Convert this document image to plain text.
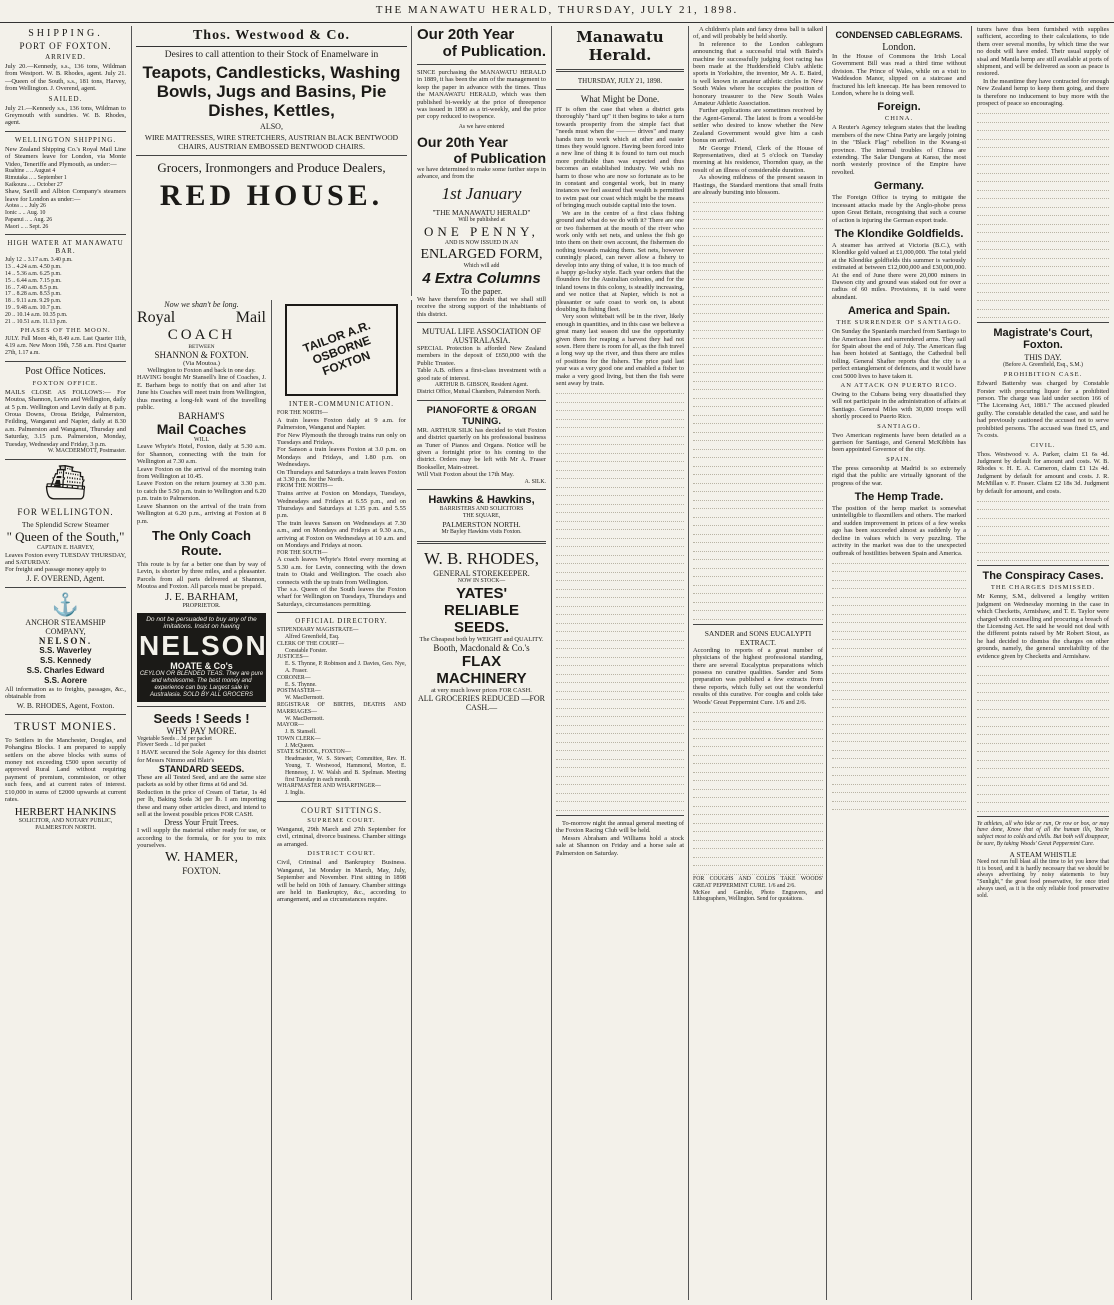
THE MANAWATU HERALD, THURSDAY, JULY 21, 1898.
SHIPPING.
PORT OF FOXTON.
ARRIVED.
July 20.—Kennedy, s.s., 136 tons, Wildman from Westport. W. B. Rhodes, agent. July 21.—Queen of the South, s.s., 181 tons, Harvey, from Wellington. J. Overend, agent.
SAILED.
July 21.—Kennedy s.s., 136 tons, Wildman to Greymouth with sundries. W. B. Rhodes, agent.
WELLINGTON SHIPPING.
New Zealand Shipping Co.'s Royal Mail Line of Steamers leave for London, via Monte Video, Teneriffe and Plymouth, as under:—
Ruahine .. .. August 4
Rimutaka .. .. September 1
Kaikoura .. .. October 27
Shaw, Savill and Albion Company's steamers leave for London as under:—
Aotea .. .. July 26
Ionic .. .. Aug. 10
Papanui .. .. Aug. 26
Maori .. .. Sept. 26
HIGH WATER AT MANAWATU BAR.
July 12 .. 3.17 a.m. 3.40 p.m.
13 .. 4.24 a.m. 4.50 p.m.
14 .. 5.36 a.m. 6.25 p.m.
15 .. 6.44 a.m. 7.15 p.m.
16 .. 7.40 a.m. 8.5 p.m.
17 .. 8.28 a.m. 8.53 p.m.
18 .. 9.11 a.m. 9.29 p.m.
19 .. 9.48 a.m. 10.7 p.m.
20 .. 10.14 a.m. 10.35 p.m.
21 .. 10.51 a.m. 11.13 p.m.
PHASES OF THE MOON.
JULY. Full Moon 4th, 8.49 a.m. Last Quarter 11th, 4.19 a.m. New Moon 19th, 7.58 a.m. First Quarter 27th, 1.17 a.m.
Post Office Notices.
FOXTON OFFICE.
MAILS CLOSE AS FOLLOWS:— For Moutoa, Shannon, Levin and Wellington, daily at 5 p.m. Wellington and Levin daily at 8 p.m. Oroua Downs, Oroua Bridge, Palmerston, Feilding, Wanganui and Napier, daily at 8.30 a.m. Palmerston and Wanganui, Thursday and Saturday, 3.15 p.m. Palmerston, Monday, Tuesday, Wednesday and Friday, 3 p.m.
W. MACDERMOTT, Postmaster.
⛴
FOR WELLINGTON.
The Splendid Screw Steamer
" Queen of the South,"
CAPTAIN E. HARVEY,
Leaves Foxton every TUESDAY THURSDAY, and SATURDAY.
For freight and passage money apply to
J. F. OVEREND, Agent.
⚓
ANCHOR STEAMSHIP COMPANY,
NELSON.
S.S. Waverley
S.S. Kennedy
S.S. Charles Edward
S.S. Aorere
All information as to freights, passages, &c., obtainable from
W. B. RHODES, Agent, Foxton.
TRUST MONIES.
To Settlers in the Manchester, Douglas, and Pohangina Blocks. I am prepared to supply settlers on the above blocks with sums of money not exceeding £500 upon security of approved Rural Land without requiring payment of premium, commission, or other such fees, and at current rates of interest. £10,000 in sums of £2000 upwards at current rates.
HERBERT HANKINS
SOLICITOR, AND NOTARY PUBLIC, PALMERSTON NORTH.
Thos. Westwood & Co.
Desires to call attention to their Stock of Enamelware in
Teapots, Candlesticks, Washing Bowls, Jugs and Basins, Pie Dishes, Kettles,
ALSO,
WIRE MATTRESSES, WIRE STRETCHERS, AUSTRIAN BLACK BENTWOOD CHAIRS, AUSTRIAN EMBOSSED BENTWOOD CHAIRS.
Grocers, Ironmongers and Produce Dealers,
RED HOUSE.
Now we shan't be long.
Royal	Mail
COACH
BETWEEN
SHANNON & FOXTON.
(Via Moutoa.)
Wellington to Foxton and back in one day.
HAVING bought Mr Stansell's line of Coaches, J. E. Barham begs to notify that on and after 1st June his Coaches will meet train from Wellington, thus meeting a long-felt want of the travelling public.
BARHAM'S
Mail Coaches
WILL
Leave Whyte's Hotel, Foxton, daily at 5.30 a.m. for Shannon, connecting with the train for Wellington at 7.30 a.m.
Leave Foxton on the arrival of the morning train from Wellington at 10.45.
Leave Foxton on the return journey at 3.30 p.m. to catch the 5.50 p.m. train to Wellington and 6.20 p.m. train to Palmerston.
Leave Shannon on the arrival of the train from Wellington at 6.20 p.m., arriving at Foxton at 8 p.m.
The Only Coach Route.
This route is by far a better one than by way of Levin, is shorter by three miles, and a pleasanter. Parcels from all parts delivered at Shannon, Moutoa and Foxton. All parcels must be prepaid.
J. E. BARHAM,
PROPRIETOR.
Do not be persuaded to buy any of the imitations. Insist on having
NELSON
MOATE & Co's
CEYLON OR BLENDED TEAS. They are pure and wholesome. The best money and experience can buy. Largest sale in Australasia. SOLD BY ALL GROCERS
Seeds ! Seeds !
WHY PAY MORE.
Vegetable Seeds .. 3d per packet
Flower Seeds .. 1d per packet
I HAVE secured the Sole Agency for this district for Messrs Nimmo and Blair's
STANDARD SEEDS.
These are all Tested Seed, and are the same size packets as sold by other firms at 6d and 3d.
Reduction in the price of Cream of Tartar, 1s 4d per lb, Baking Soda 3d per lb. I am importing these and many other articles direct, and intend to sell at the lowest possible prices FOR CASH.
Dress Your Fruit Trees.
I will supply the material either ready for use, or according to the formula, or for you to mix yourselves.
W. HAMER,
FOXTON.
TAILOR A.R. OSBORNE FOXTON
INTER-COMMUNICATION.
FOR THE NORTH—
A train leaves Foxton daily at 9 a.m. for Palmerston, Wanganui and Napier.
For New Plymouth the through trains run only on Tuesdays and Fridays.
For Sanson a train leaves Foxton at 3.0 p.m. on Mondays and Fridays, and 1.80 p.m. on Wednesdays.
On Thursdays and Saturdays a train leaves Foxton at 3.30 p.m. for the North.
FROM THE NORTH—
Trains arrive at Foxton on Mondays, Tuesdays, Wednesdays and Fridays at 6.55 p.m., and on Thursdays and Saturdays at 1.35 p.m. and 5.55 p.m.
The train leaves Sanson on Wednesdays at 7.30 a.m., and on Mondays and Fridays at 9.30 a.m., arriving at Foxton on Wednesdays at 10 a.m. and on Mondays and Fridays at noon.
FOR THE SOUTH—
A coach leaves Whyte's Hotel every morning at 5.30 a.m. for Levin, connecting with the down train to Otaki and Wellington. The coach also connects with the up train from Wellington.
The s.s. Queen of the South leaves the Foxton wharf for Wellington on Tuesdays, Thursdays and Saturdays, circumstances permitting.
OFFICIAL DIRECTORY.
STIPENDIARY MAGISTRATE—
Alfred Greenfield, Esq.
CLERK OF THE COURT—
Constable Forster.
JUSTICES—
E. S. Thynne, P. Robinson and J. Davies, Geo. Nye, A. Fraser.
CORONER—
E. S. Thynne.
POSTMASTER—
W. MacDermott.
REGISTRAR OF BIRTHS, DEATHS AND MARRIAGES—
W. MacDermott.
MAYOR—
J. B. Stansell.
TOWN CLERK—
J. McQueen.
STATE SCHOOL, FOXTON—
Headmaster, W. S. Stewart; Committee, Rev. H. Young, T. Westwood, Hammond, Morton, E. Hennessy, J. W. Walsh and B. Spelman. Meeting first Tuesday in each month.
WHARFMASTER AND WHARFINGER—
J. Inglis.
COURT SITTINGS.
SUPREME COURT.
Wanganui, 29th March and 27th September for civil, criminal, divorce business. Chamber sittings as arranged.
DISTRICT COURT.
Civil, Criminal and Bankruptcy Business. Wanganui, 1st Monday in March, May, July, September and November. First sitting in 1898 will be held on 10th of January. Chamber sittings are held in Bankruptcy, &c., according to arrangement, and as circumstances require.
Our 20th Year
of Publication.
SINCE purchasing the MANAWATU HERALD in 1889, it has been the aim of the management to keep the paper in advance with the times. Thus the MANAWATU HERALD, which was then published bi-weekly at the price of threepence was issued in 1890 as a tri-weekly, and the price per copy reduced to twopence.
As we have entered
Our 20th Year
of Publication
we have determined to make some further steps in advance, and from the
1st January
"THE MANAWATU HERALD"
Will be published at
ONE PENNY,
AND IS NOW ISSUED IN AN
ENLARGED FORM,
Which will add
4 Extra Columns
To the paper.
We have therefore no doubt that we shall still receive the strong support of the inhabitants of this district.
MUTUAL LIFE ASSOCIATION OF AUSTRALASIA.
SPECIAL Protection is afforded New Zealand members in the deposit of £650,000 with the Public Trustee.
Table A.B. offers a first-class investment with a good rate of interest.
ARTHUR B. GIBSON, Resident Agent.
District Office, Mutual Chambers, Palmerston North.
PIANOFORTE & ORGAN TUNING.
MR. ARTHUR SILK has decided to visit Foxton and district quarterly on his professional business as Tuner of Pianos and Organs. Notice will be given a fortnight prior to his coming to the district. Orders may be left with Mr A. Fraser Bookseller, Main-street.
Will Visit Foxton about the 17th May.
A. SILK.
Hawkins & Hawkins,
BARRISTERS AND SOLICITORS
THE SQUARE,
PALMERSTON NORTH.
Mr Bayley Hawkins visits Foxton.
W. B. RHODES,
GENERAL STOREKEEPER.
NOW IN STOCK—
YATES' RELIABLE SEEDS.
The Cheapest both by WEIGHT and QUALITY.
Booth, Macdonald & Co.'s
FLAX MACHINERY
at very much lower prices FOR CASH.
ALL GROCERIES REDUCED —FOR CASH.—
Manawatu Herald.
THURSDAY, JULY 21, 1898.
What Might be Done.
IT is often the case that when a district gets thoroughly "hard up" it then begins to take a turn towards prosperity from the simple fact that "needs must when the ——— drives" and many hands turn to work which at other and easier times they would ignore. Having been forced into a new line of thing it is found to turn out much more profitable than was expected and thus becomes an established industry. We wish no harm to those who are now so fortunate as to be in constant and congenial work, but in many instances we feel assured that wealth is permitted to swim past our coast which might be the means of bringing much outside capital into the town.
We are in the centre of a first class fishing ground and what do we do with it? There are one or two fishermen at the mouth of the river who work only with set nets, and unless the fish go into them on their own account, the fishermen do nothing towards making them. Set nets, however cunningly placed, can never allow a fishery to develop into any thing of value, it is too much of a happy go-lucky style. Each year orders that the flounders for the Australian colonies, and for the inland towns in this colony, is steadily increasing, and we notice that at Napier, which is not a pleasanter or safe coast to work on, is about doubling its fishing fleet.
Very soon whitebait will be in the river, likely enough in quantities, and in this case we believe a great many last season did use the opportunity given them for reaping a harvest they had not sown. Here there is room for all, as the fish travel a long way up the river, and thus there are miles of positions for the fishers. The price paid last year was a very good one and enabled a fisher to make a very good living, but then the fish were sent away by train.
To-morrow night the annual general meeting of the Foxton Racing Club will be held.
Messrs Abraham and Williams hold a stock sale at Shannon on Friday and a horse sale at Palmerston on Saturday.
A children's plain and fancy dress ball is talked of, and will probably be held shortly.
In reference to the London cablegram announcing that a successful trial with Baird's machine for successfully judging foot racing has been made at the Huddersfield Club's athletic sports in Yorkshire, the inventor, Mr A. E. Baird, is well known in amateur athletic circles in New South Wales where he occupies the position of honorary treasurer to the New South Wales Amateur Athletic Association.
Further applications are sometimes received by the Agent-General. The latest is from a would-be settler who desired to know whether the New Zealand Government would give him a cash bonus on arrival.
Mr George Friend, Clerk of the House of Representatives, died at 5 o'clock on Tuesday morning at his residence, Thorndon quay, as the result of an illness of considerable duration.
As showing mildness of the present season in Hastings, the Standard mentions that small fruits are already bursting into blossom.
SANDER and SONS EUCALYPTI EXTRACT.
According to reports of a great number of physicians of the highest professional standing, there are several Eucalyptus preparations which possess no curative qualities. Sander and Sons preparation was published a few extracts from these reports, which fully set out the wonderful results of this curative. For coughs and colds take Woods' Great Peppermint Cure. 1/6 and 2/6.
FOR COUGHS AND COLDS TAKE WOODS' GREAT PEPPERMINT CURE. 1/6 and 2/6.
McKee and Gamble, Photo Engravers, and Lithographers, Wellington. Send for quotations.
CONDENSED CABLEGRAMS.
London.
In the House of Commons the Irish Local Government Bill was read a third time without division. The Prince of Wales, while on a visit to Waddesdon Manor, slipped on a staircase and fractured his left kneecap. He has been removed to London, where he is doing well.
Foreign.
CHINA.
A Reuter's Agency telegram states that the leading members of the new China Party are largely joining in the "Black Flag" rebellion in the Kwang-si province. The internal troubles of China are extending. The Salar Dungans at Kansu, the most north westerly province of the Empire have revolted.
Germany.
The Foreign Office is trying to mitigate the incessant attacks made by the Anglo-phobe press upon Great Britain, recognising that such a course of action is injuring the German export trade.
The Klondike Goldfields.
A steamer has arrived at Victoria (B.C.), with Klondike gold valued at £1,000,000. The total yield at the Klondike goldfields this summer is variously estimated at between £12,000,000 and £30,000,000. At the end of June there were 20,000 miners in Dawson city and ground was staked out for over a radius of 60 miles. Provisions, it is said were abundant.
America and Spain.
THE SURRENDER OF SANTIAGO.
On Sunday the Spaniards marched from Santiago to the American lines and surrendered arms. They sail for Spain about the end of July. The American flag has been hoisted at Santiago, the Cathedral bell tolling. General Shafter reports that the city is a perfect entanglement of defences, and it would have cost 5000 lives to have taken it.
AN ATTACK ON PUERTO RICO.
Owing to the Cubans being very dissatisfied they will not participate in the administration of affairs at Santiago. General Miles with 30,000 troops will shortly proceed to Puerto Rico.
SANTIAGO.
Two American regiments have been detailed as a garrison for Santiago, and General McKibbin has been appointed Governor of the city.
SPAIN.
The press censorship at Madrid is so extremely rigid that the public are virtually ignorant of the progress of the war.
The Hemp Trade.
The position of the hemp market is somewhat unintelligible to flaxmillers and others. The marked and sudden improvement in prices of a few weeks ago has been succeeded almost as suddenly by a decline in values which is very puzzling. The activity in the market was due to the unexpected outbreak of hostilities between Spain and America.
turers have thus been furnished with supplies sufficient, according to their calculations, to tide them over several months, by which time the war no doubt will have ended. Their usual supply of sisal and Manila hemp are still available at ports of shipment, and will be delivered as soon as peace is restored.
In the meantime they have contracted for enough New Zealand hemp to keep them going, and there is therefore no inducement to buy more with the prospect of peace so encouraging.
Magistrate's Court, Foxton.
THIS DAY.
(Before A. Greenfield, Esq., S.M.)
PROHIBITION CASE.
Edward Battersby was charged by Constable Forster with procuring liquor for a prohibited person. The charge was laid under section 166 of "The Licensing Act, 1881." The accused pleaded guilty. The constable detailed the case, and said he had previously cautioned the accused not to serve prohibited persons. The accused was fined £5, and 7s costs.
CIVIL.
Thos. Westwood v. A. Parker, claim £1 6s 4d. Judgment by default for amount and costs. W. B. Rhodes v. H. E. A. Cameron, claim £1 12s 4d. Judgment by default for amount and costs. J. R. McMillan v. F. Fraser. Claim £2 18s 3d. Judgment by default for amount, and costs.
The Conspiracy Cases.
THE CHARGES DISMISSED.
Mr Kenny, S.M., delivered a lengthy written judgment on Wednesday morning in the case in which Checketts, Armishaw, and T. E. Taylor were charged with counselling and procuring a breach of the Licensing Act. He said he would not deal with the different points raised by Mr Robert Stout, as he had decided to dismiss the charges on other grounds, namely, the general unreliability of the evidence given by Checketts and Armishaw.
Ye athletes, all who bike or run, Or row or box, or may have done, Know that of all the human ills, You're subject most to colds and chills. But both will disappear, be sure, By taking Woods' Great Peppermint Cure.
A STEAM WHISTLE
Need not run full blast all the time to let you know that it is boxed, and it is hardly necessary that we should be always advertising by noisy statements to buy "Sunlight," the great food preservative, for once tried always used, as it is the only reliable food preservative sold.
